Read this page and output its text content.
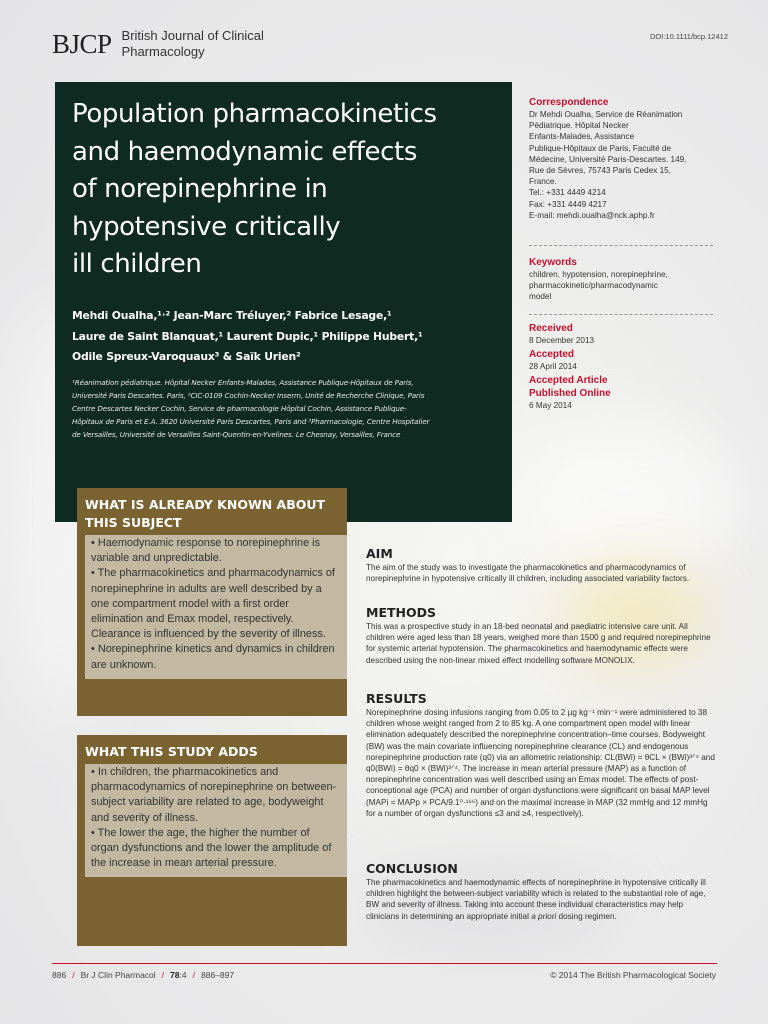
BJCP British Journal of Clinical
Pharmacology
DOI:10.1111/bcp.12412
Population pharmacokinetics
and haemodynamic effects
of norepinephrine in
hypotensive critically
ill children
Mehdi Oualha,¹˒² Jean-Marc Tréluyer,² Fabrice Lesage,¹
Laure de Saint Blanquat,¹ Laurent Dupic,¹ Philippe Hubert,¹
Odile Spreux-Varoquaux³ & Saïk Urien²
¹Réanimation pédiatrique. Hôpital Necker Enfants-Malades, Assistance Publique-Hôpitaux de Paris,
Université Paris Descartes. Paris, ²CIC-0109 Cochin-Necker Inserm, Unité de Recherche Clinique, Paris
Centre Descartes Necker Cochin, Service de pharmacologie Hôpital Cochin, Assistance Publique-
Hôpitaux de Paris et E.A. 3620 Université Paris Descartes, Paris and ³Pharmacologie, Centre Hospitalier
de Versailles, Université de Versailles Saint-Quentin-en-Yvelines. Le Chesnay, Versailles, France
Correspondence
Dr Mehdi Oualha, Service de Réanimation
Pédiatrique. Hôpital Necker
Enfants-Malades, Assistance
Publique-Hôpitaux de Paris, Faculté de
Médecine, Université Paris-Descartes. 149,
Rue de Sèvres, 75743 Paris Cedex 15,
France.
Tel.: +331 4449 4214
Fax: +331 4449 4217
E-mail: mehdi.oualha@nck.aphp.fr
Keywords
children, hypotension, norepinephrine,
pharmacokinetic/pharmacodynamic
model
Received
8 December 2013
Accepted
28 April 2014
Accepted Article
Published Online
6 May 2014
WHAT IS ALREADY KNOWN ABOUT
THIS SUBJECT
• Haemodynamic response to norepinephrine is variable and unpredictable.
• The pharmacokinetics and pharmacodynamics of norepinephrine in adults are well described by a one compartment model with a first order elimination and Emax model, respectively. Clearance is influenced by the severity of illness.
• Norepinephrine kinetics and dynamics in children are unknown.
WHAT THIS STUDY ADDS
• In children, the pharmacokinetics and pharmacodynamics of norepinephrine on between-subject variability are related to age, bodyweight and severity of illness.
• The lower the age, the higher the number of organ dysfunctions and the lower the amplitude of the increase in mean arterial pressure.
AIM
The aim of the study was to investigate the pharmacokinetics and pharmacodynamics of norepinephrine in hypotensive critically ill children, including associated variability factors.
METHODS
This was a prospective study in an 18-bed neonatal and paediatric intensive care unit. All children were aged less than 18 years, weighed more than 1500 g and required norepinephrine for systemic arterial hypotension. The pharmacokinetics and haemodynamic effects were described using the non-linear mixed effect modelling software MONOLIX.
RESULTS
Norepinephrine dosing infusions ranging from 0.05 to 2 µg kg⁻¹ min⁻¹ were administered to 38 children whose weight ranged from 2 to 85 kg. A one compartment open model with linear elimination adequately described the norepinephrine concentration–time courses. Bodyweight (BW) was the main covariate influencing norepinephrine clearance (CL) and endogenous norepinephrine production rate (q0) via an allometric relationship: CL(BWi) = θCL × (BWi)³ᐟ⁴ and q0(BWi) = θq0 × (BWi)³ᐟ⁴. The increase in mean arterial pressure (MAP) as a function of norepinephrine concentration was well described using an Emax model. The effects of post-conceptional age (PCA) and number of organ dysfunctions were significant on basal MAP level (MAPi = MAPp × PCA/9.1⁰·¹⁶⁶) and on the maximal increase in MAP (32 mmHg and 12 mmHg for a number of organ dysfunctions ≤3 and ≥4, respectively).
CONCLUSION
The pharmacokinetics and haemodynamic effects of norepinephrine in hypotensive critically ill children highlight the between-subject variability which is related to the substantial role of age, BW and severity of illness. Taking into account these individual characteristics may help clinicians in determining an appropriate initial a priori dosing regimen.
886 / Br J Clin Pharmacol / 78:4 / 886–897	© 2014 The British Pharmacological Society
